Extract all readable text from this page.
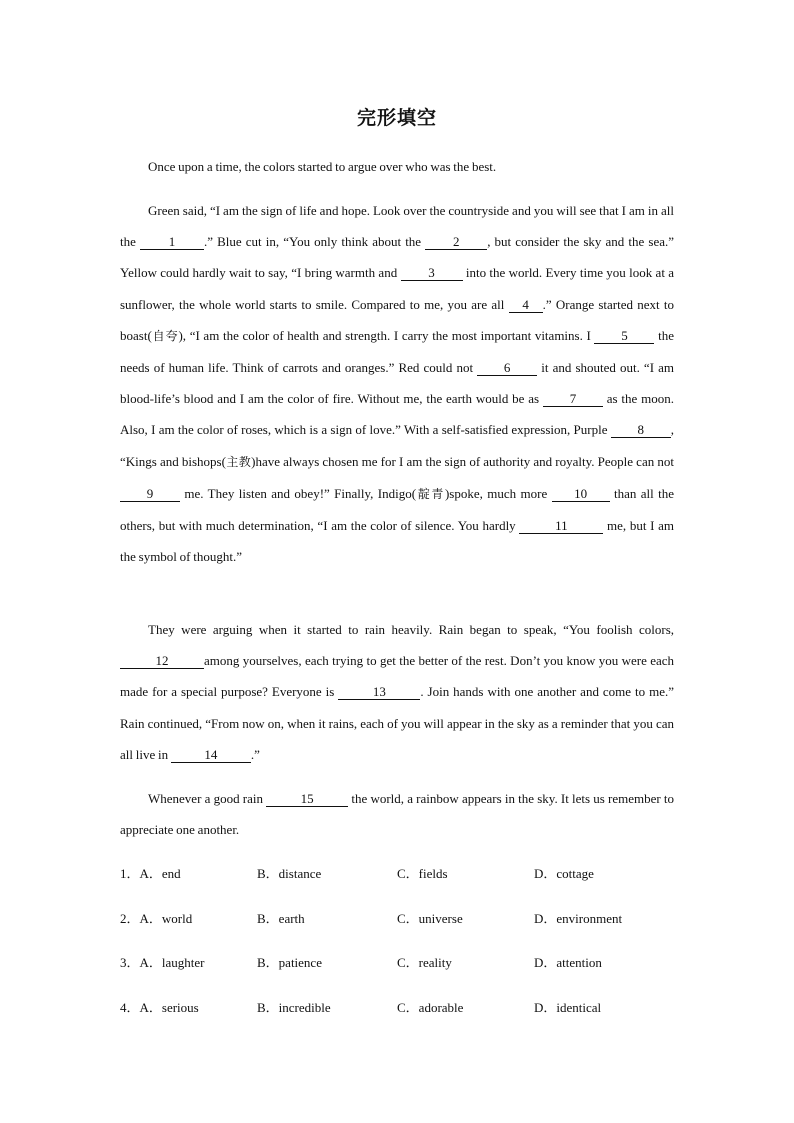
完形填空
Once upon a time, the colors started to argue over who was the best.
Green said, “I am the sign of life and hope. Look over the countryside and you will see that I am in all the	1 .” Blue cut in, “You only think about the 2 , but consider the sky and the sea.” Yellow could hardly wait to say, “I bring warmth and 3 into the world. Every time you look at a sunflower, the whole world starts to smile. Compared to me, you are all 4 .” Orange started next to boast(自夸), “I am the color of health and strength. I carry the most important vitamins. I 5 the needs of human life. Think of carrots and oranges.” Red could not 6 it and shouted out. “I am blood-life’s blood and I am the color of fire. Without me, the earth would be as 7 as the moon. Also, I am the color of roses, which is a sign of love.” With a self-satisfied expression, Purple 8 , “Kings and bishops(主教)have always chosen me for I am the sign of authority and royalty. People can not 9 me. They listen and obey!” Finally, Indigo(靛青)spoke, much more 10 than all the others, but with much determination, “I am the color of silence. You hardly	11	me, but I am the symbol of thought.”
They were arguing when it started to rain heavily. Rain began to speak, “You foolish colors, 12	among yourselves, each trying to get the better of the rest. Don’t you know you were each made for a special purpose? Everyone is	13	. Join hands with one another and come to me.” Rain continued, “From now on, when it rains, each of you will appear in the sky as a reminder that you can all live in	14	.”
Whenever a good rain	15	the world, a rainbow appears in the sky. It lets us remember to appreciate one another.
1．A．end	B．distance	C．fields	D．cottage
2．A．world	B．earth	C．universe	D．environment
3．A．laughter	B．patience	C．reality	D．attention
4．A．serious	B．incredible	C．adorable	D．identical
